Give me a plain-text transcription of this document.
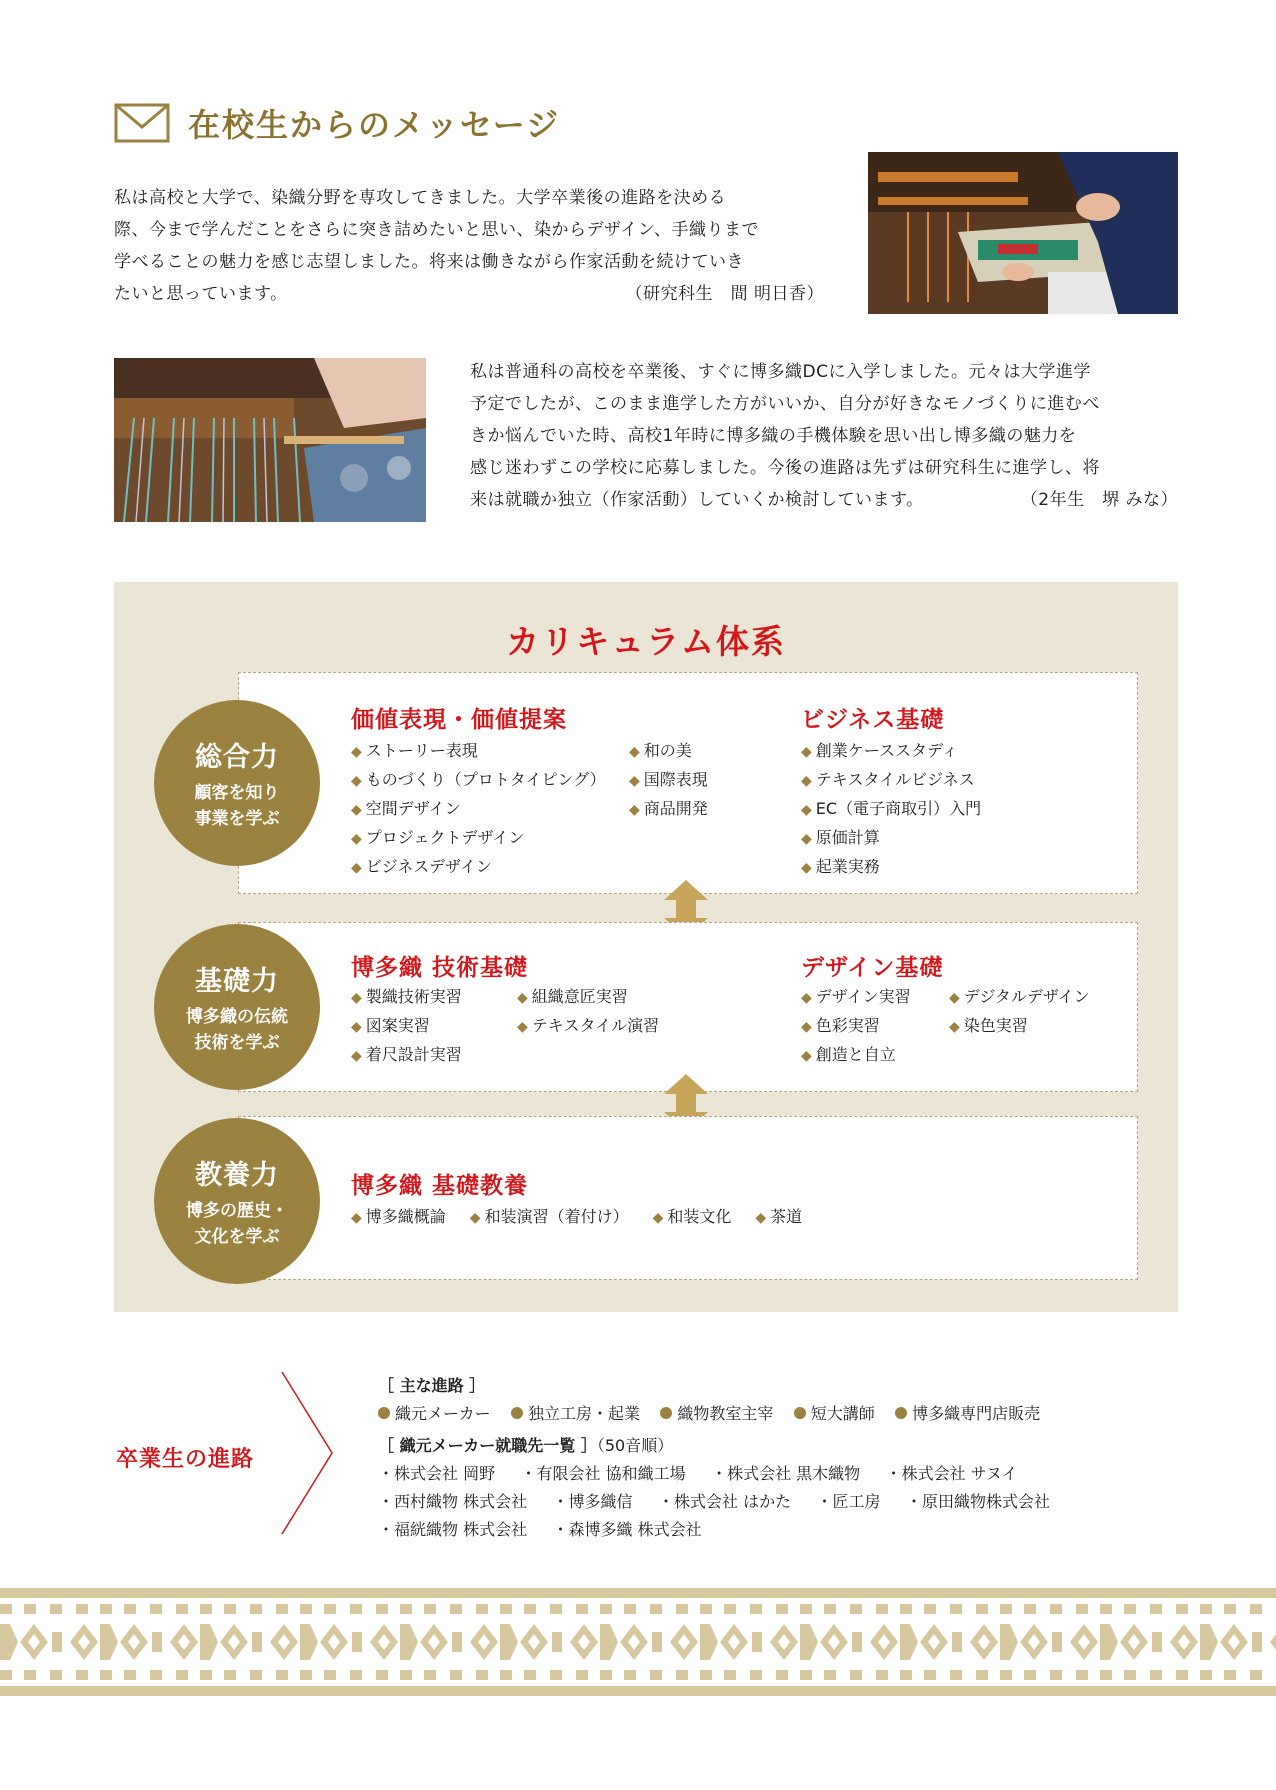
在校生からのメッセージ

私は高校と大学で、染織分野を専攻してきました。大学卒業後の進路を決める

際、今まで学んだことをさらに突き詰めたいと思い、染からデザイン、手織りまで

学べることの魅力を感じ志望しました。将来は働きながら作家活動を続けていき

たいと思っています。	（研究科生　間 明日香）

私は普通科の高校を卒業後、すぐに博多織DCに入学しました。元々は大学進学

予定でしたが、このまま進学した方がいいか、自分が好きなモノづくりに進むべ

きか悩んでいた時、高校1年時に博多織の手機体験を思い出し博多織の魅力を

感じ迷わずこの学校に応募しました。今後の進路は先ずは研究科生に進学し、将

来は就職か独立（作家活動）していくか検討しています。	（2年生　堺 みな）

カリキュラム体系
価値表現・価値提案
◆ ストーリー表現
◆ ものづくり（プロトタイピング）
◆ 空間デザイン
◆ プロジェクトデザイン
◆ ビジネスデザイン
◆ 和の美
◆ 国際表現
◆ 商品開発
ビジネス基礎
◆ 創業ケーススタディ
◆ テキスタイルビジネス
◆ EC（電子商取引）入門
◆ 原価計算
◆ 起業実務
総合力
顧客を知り
事業を学ぶ
博多織 技術基礎
◆ 製織技術実習
◆ 図案実習
◆ 着尺設計実習
◆ 組織意匠実習
◆ テキスタイル演習
デザイン基礎
◆ デザイン実習
◆ 色彩実習
◆ 創造と自立
◆ デジタルデザイン
◆ 染色実習
基礎力
博多織の伝統
技術を学ぶ
博多織 基礎教養
◆ 博多織概論	◆ 和装演習（着付け）	◆ 和装文化	◆ 茶道
教養力
博多の歴史・
文化を学ぶ
卒業生の進路
［ 主な進路 ］
織元メーカー 独立工房・起業 織物教室主宰 短大講師 博多織専門店販売
［ 織元メーカー就職先一覧 ］（50音順）
・株式会社 岡野 ・有限会社 協和織工場 ・株式会社 黒木織物 ・株式会社 サヌイ
・西村織物 株式会社 ・博多織信 ・株式会社 はかた ・匠工房 ・原田織物株式会社
・福絖織物 株式会社 ・森博多織 株式会社
